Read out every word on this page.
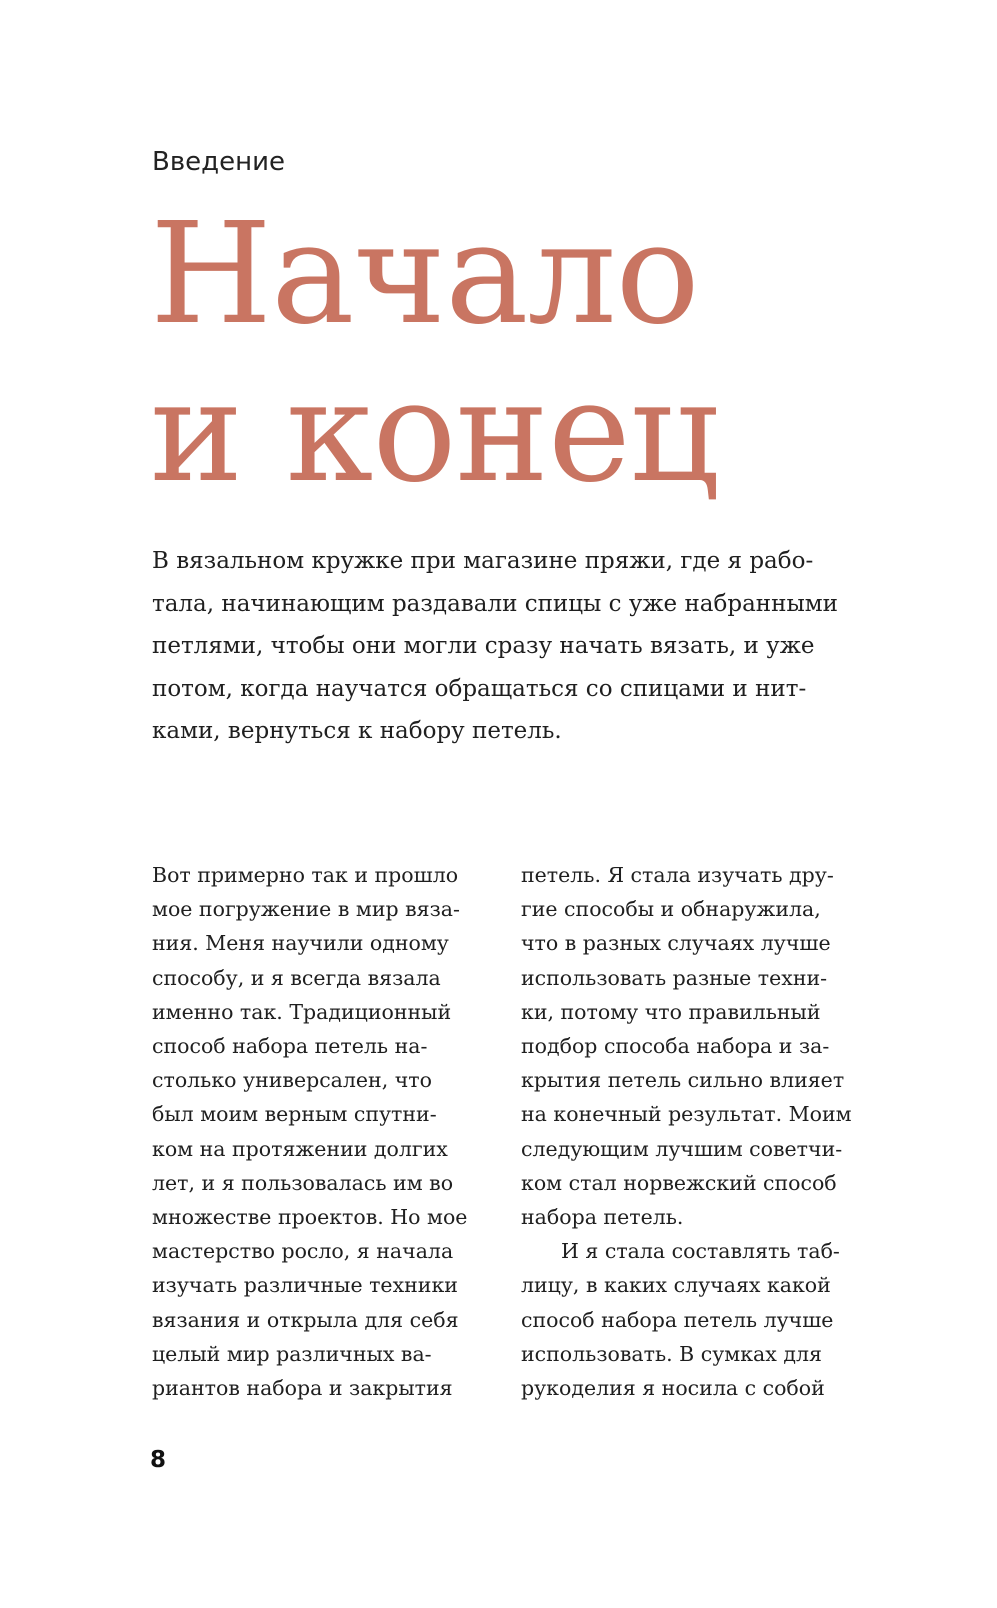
Введение
Начало
и конец
В вязальном кружке при магазине пряжи, где я рабо-
тала, начинающим раздавали спицы с уже набранными
петлями, чтобы они могли сразу начать вязать, и уже
потом, когда научатся обращаться со спицами и нит-
ками, вернуться к набору петель.
Вот примерно так и прошло
мое погружение в мир вяза-
ния. Меня научили одному
способу, и я всегда вязала
именно так. Традиционный
способ набора петель на-
столько универсален, что
был моим верным спутни-
ком на протяжении долгих
лет, и я пользовалась им во
множестве проектов. Но мое
мастерство росло, я начала
изучать различные техники
вязания и открыла для себя
целый мир различных ва-
риантов набора и закрытия
петель. Я стала изучать дру-
гие способы и обнаружила,
что в разных случаях лучше
использовать разные техни-
ки, потому что правильный
подбор способа набора и за-
крытия петель сильно влияет
на конечный результат. Моим
следующим лучшим советчи-
ком стал норвежский способ
набора петель.
И я стала составлять таб-
лицу, в каких случаях какой
способ набора петель лучше
использовать. В сумках для
рукоделия я носила с собой
8
